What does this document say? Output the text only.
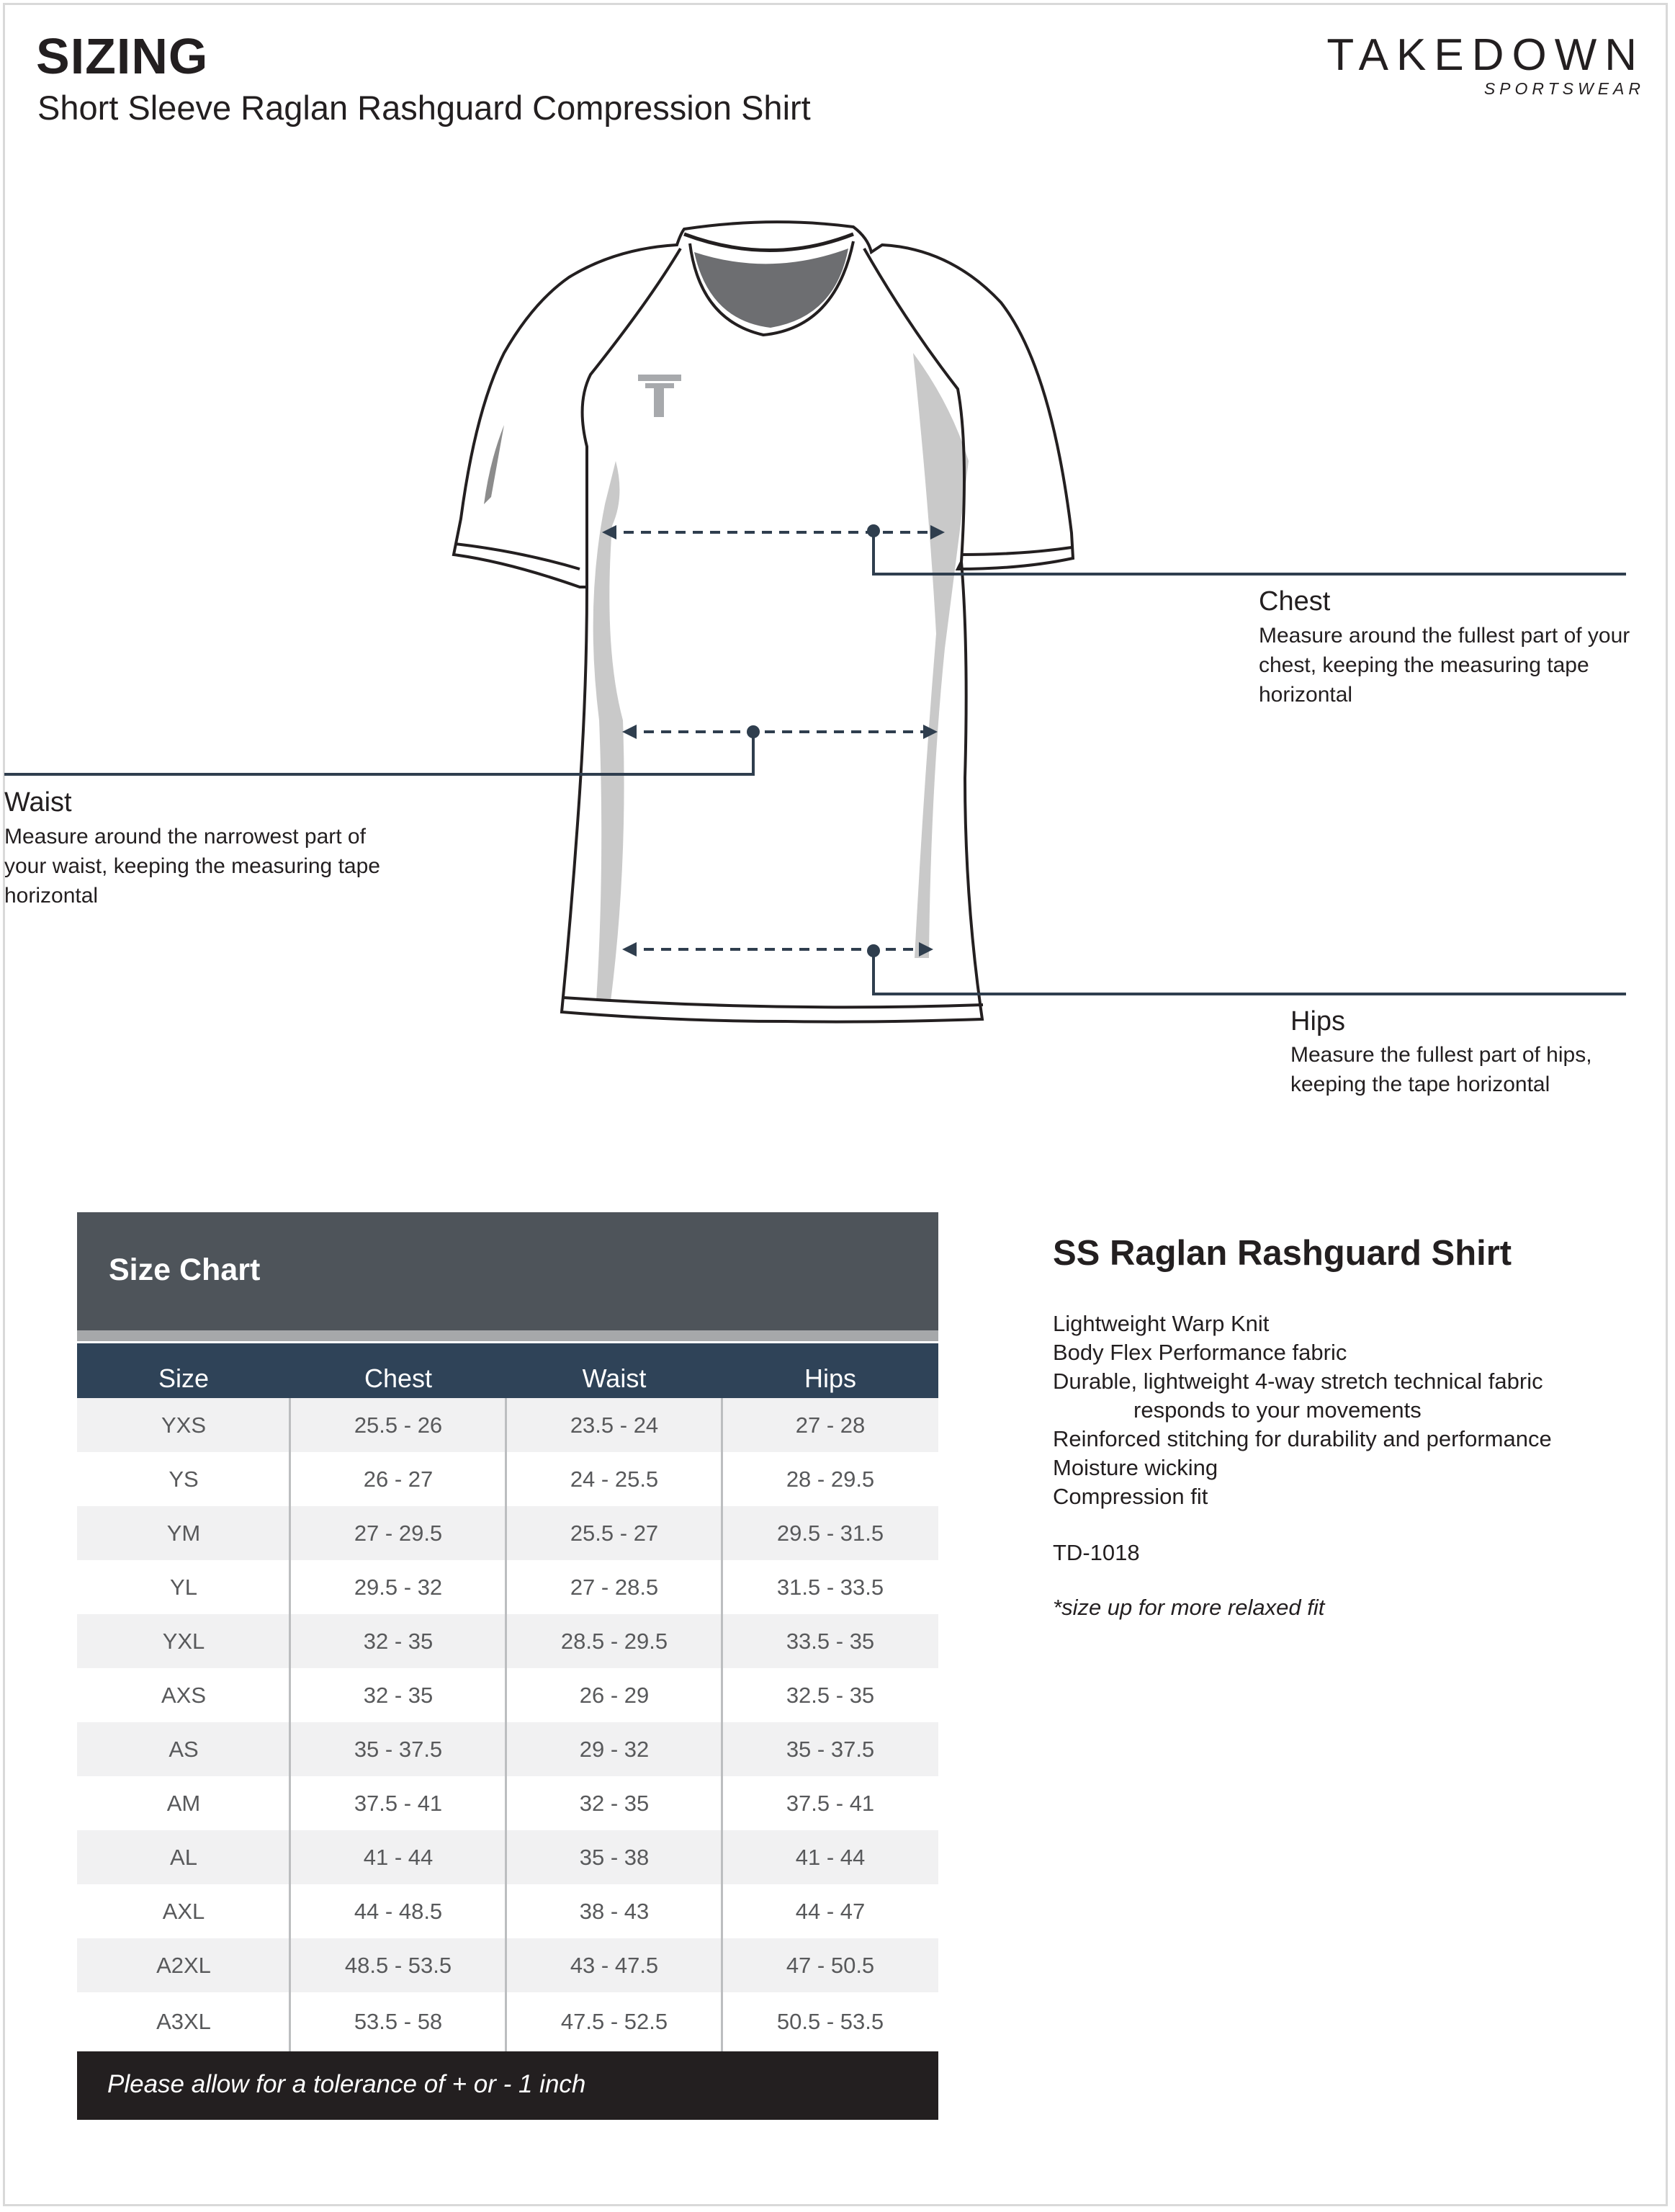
SIZING
Short Sleeve Raglan Rashguard Compression Shirt
TAKEDOWN
SPORTSWEAR
Chest
Measure around the fullest part of your chest, keeping the measuring tape horizontal
Waist
Measure around the narrowest part of your waist, keeping the measuring tape horizontal
Hips
Measure the fullest part of hips, keeping the tape horizontal
Size Chart
Size	Chest	Waist	Hips
YXS	25.5 - 26	23.5 - 24	27 - 28
YS	26 - 27	24 - 25.5	28 - 29.5
YM	27 - 29.5	25.5 - 27	29.5 - 31.5
YL	29.5 - 32	27 - 28.5	31.5 - 33.5
YXL	32 - 35	28.5 - 29.5	33.5 - 35
AXS	32 - 35	26 - 29	32.5 - 35
AS	35 - 37.5	29 - 32	35 - 37.5
AM	37.5 - 41	32 - 35	37.5 - 41
AL	41 - 44	35 - 38	41 - 44
AXL	44 - 48.5	38 - 43	44 - 47
A2XL	48.5 - 53.5	43 - 47.5	47 - 50.5
A3XL	53.5 - 58	47.5 - 52.5	50.5 - 53.5
Please allow for a tolerance of + or - 1 inch
SS Raglan Rashguard Shirt
Lightweight Warp Knit
Body Flex Performance fabric
Durable, lightweight 4-way stretch technical fabric
responds to your movements
Reinforced stitching for durability and performance
Moisture wicking
Compression fit
TD-1018
*size up for more relaxed fit
